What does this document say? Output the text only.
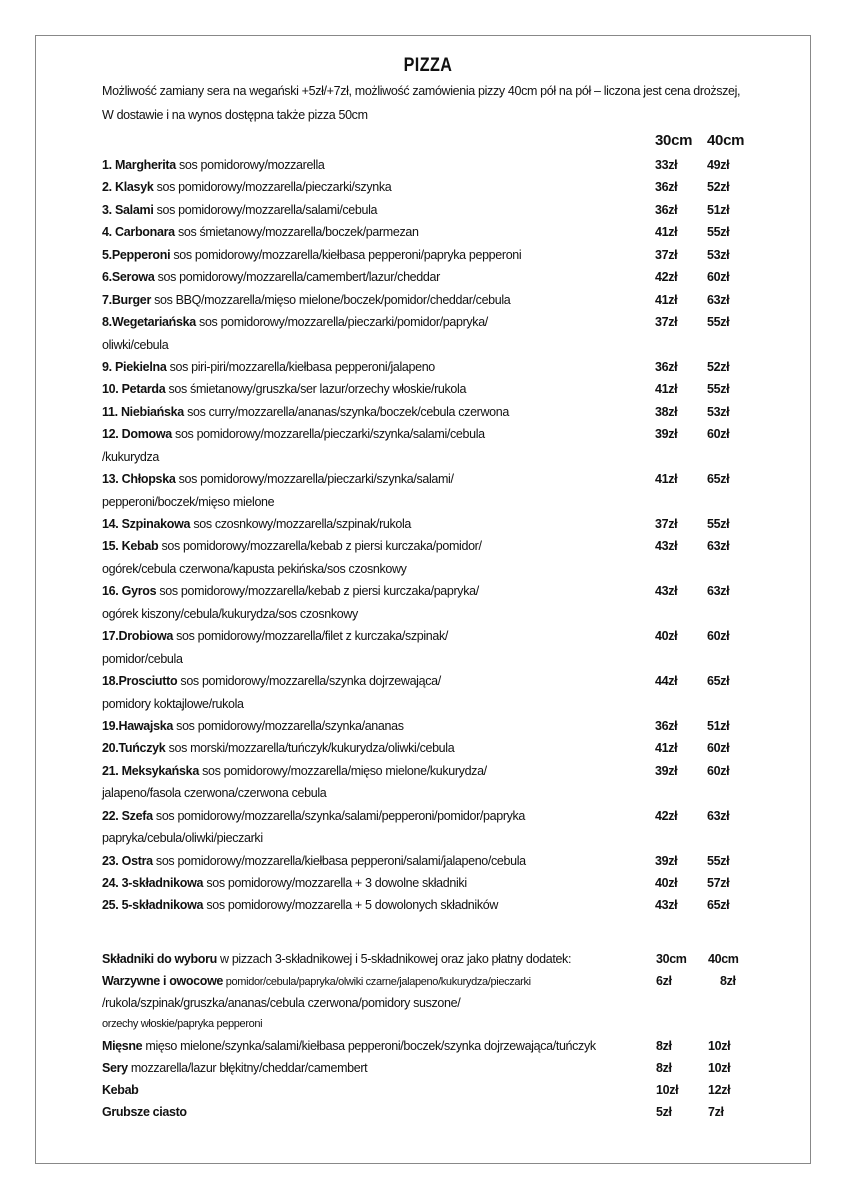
PIZZA
Możliwość zamiany sera na wegański +5zł/+7zł, możliwość zamówienia pizzy 40cm pół na pół – liczona jest cena droższej,
W dostawie i na wynos dostępna także pizza 50cm
30cm 40cm
1. Margherita sos pomidorowy/mozzarella	33zł 49zł
2. Klasyk sos pomidorowy/mozzarella/pieczarki/szynka	36zł 52zł
3. Salami sos pomidorowy/mozzarella/salami/cebula	36zł 51zł
4. Carbonara sos śmietanowy/mozzarella/boczek/parmezan	41zł 55zł
5.Pepperoni sos pomidorowy/mozzarella/kiełbasa pepperoni/papryka pepperoni	37zł 53zł
6.Serowa sos pomidorowy/mozzarella/camembert/lazur/cheddar	42zł 60zł
7.Burger sos BBQ/mozzarella/mięso mielone/boczek/pomidor/cheddar/cebula	41zł 63zł
8.Wegetariańska sos pomidorowy/mozzarella/pieczarki/pomidor/papryka/	37zł 55zł
oliwki/cebula
9. Piekielna sos piri-piri/mozzarella/kiełbasa pepperoni/jalapeno	36zł 52zł
10. Petarda sos śmietanowy/gruszka/ser lazur/orzechy włoskie/rukola	41zł 55zł
11. Niebiańska sos curry/mozzarella/ananas/szynka/boczek/cebula czerwona	38zł 53zł
12. Domowa sos pomidorowy/mozzarella/pieczarki/szynka/salami/cebula	39zł 60zł
/kukurydza
13. Chłopska sos pomidorowy/mozzarella/pieczarki/szynka/salami/	41zł 65zł
pepperoni/boczek/mięso mielone
14. Szpinakowa sos czosnkowy/mozzarella/szpinak/rukola	37zł 55zł
15. Kebab sos pomidorowy/mozzarella/kebab z piersi kurczaka/pomidor/	43zł 63zł
ogórek/cebula czerwona/kapusta pekińska/sos czosnkowy
16. Gyros sos pomidorowy/mozzarella/kebab z piersi kurczaka/papryka/	43zł 63zł
ogórek kiszony/cebula/kukurydza/sos czosnkowy
17.Drobiowa sos pomidorowy/mozzarella/filet z kurczaka/szpinak/	40zł 60zł
pomidor/cebula
18.Prosciutto sos pomidorowy/mozzarella/szynka dojrzewająca/	44zł 65zł
pomidory koktajlowe/rukola
19.Hawajska sos pomidorowy/mozzarella/szynka/ananas	36zł 51zł
20.Tuńczyk sos morski/mozzarella/tuńczyk/kukurydza/oliwki/cebula	41zł 60zł
21. Meksykańska sos pomidorowy/mozzarella/mięso mielone/kukurydza/	39zł 60zł
jalapeno/fasola czerwona/czerwona cebula
22. Szefa sos pomidorowy/mozzarella/szynka/salami/pepperoni/pomidor/papryka	42zł 63zł
papryka/cebula/oliwki/pieczarki
23. Ostra sos pomidorowy/mozzarella/kiełbasa pepperoni/salami/jalapeno/cebula	39zł 55zł
24. 3-składnikowa sos pomidorowy/mozzarella + 3 dowolne składniki	40zł 57zł
25. 5-składnikowa sos pomidorowy/mozzarella + 5 dowolonych składników	43zł 65zł
Składniki do wyboru w pizzach 3-składnikowej i 5-składnikowej oraz jako płatny dodatek:	30cm 40cm
Warzywne i owocowe pomidor/cebula/papryka/olwiki czarne/jalapeno/kukurydza/pieczarki	6zł	8zł
/rukola/szpinak/gruszka/ananas/cebula czerwona/pomidory suszone/
orzechy włoskie/papryka pepperoni
Mięsne mięso mielone/szynka/salami/kiełbasa pepperoni/boczek/szynka dojrzewająca/tuńczyk	8zł	10zł
Sery mozzarella/lazur błękitny/cheddar/camembert	8zł	10zł
Kebab	10zł 12zł
Grubsze ciasto	5zł	7zł
